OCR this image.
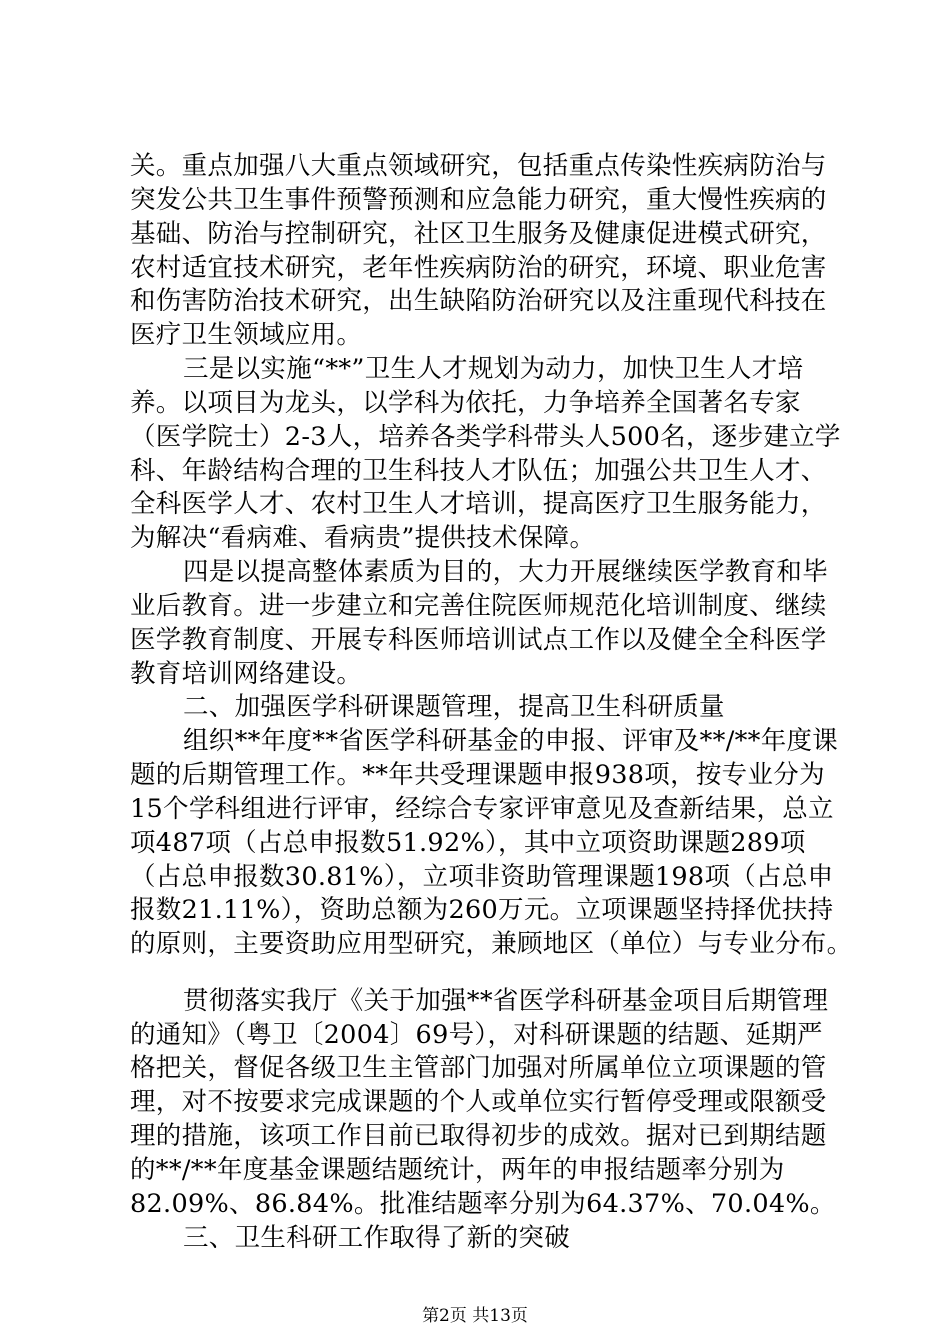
关。重点加强八大重点领域研究，包括重点传染性疾病防治与
突发公共卫生事件预警预测和应急能力研究，重大慢性疾病的
基础、防治与控制研究，社区卫生服务及健康促进模式研究，
农村适宜技术研究，老年性疾病防治的研究，环境、职业危害
和伤害防治技术研究，出生缺陷防治研究以及注重现代科技在
医疗卫生领域应用。
三是以实施“**”卫生人才规划为动力，加快卫生人才培
养。以项目为龙头，以学科为依托，力争培养全国著名专家
（医学院士）2-3人，培养各类学科带头人500名，逐步建立学
科、年龄结构合理的卫生科技人才队伍；加强公共卫生人才、
全科医学人才、农村卫生人才培训，提高医疗卫生服务能力，
为解决“看病难、看病贵”提供技术保障。
四是以提高整体素质为目的，大力开展继续医学教育和毕
业后教育。进一步建立和完善住院医师规范化培训制度、继续
医学教育制度、开展专科医师培训试点工作以及健全全科医学
教育培训网络建设。
二、加强医学科研课题管理，提高卫生科研质量
组织**年度**省医学科研基金的申报、评审及**/**年度课
题的后期管理工作。**年共受理课题申报938项，按专业分为
15个学科组进行评审，经综合专家评审意见及查新结果，总立
项487项（占总申报数51.92%），其中立项资助课题289项
（占总申报数30.81%），立项非资助管理课题198项（占总申
报数21.11%），资助总额为260万元。立项课题坚持择优扶持
的原则，主要资助应用型研究，兼顾地区（单位）与专业分布。
贯彻落实我厅《关于加强**省医学科研基金项目后期管理
的通知》（粤卫〔2004〕69号），对科研课题的结题、延期严
格把关，督促各级卫生主管部门加强对所属单位立项课题的管
理，对不按要求完成课题的个人或单位实行暂停受理或限额受
理的措施，该项工作目前已取得初步的成效。据对已到期结题
的**/**年度基金课题结题统计，两年的申报结题率分别为
82.09%、86.84%。批准结题率分别为64.37%、70.04%。
三、卫生科研工作取得了新的突破
第2页 共13页
